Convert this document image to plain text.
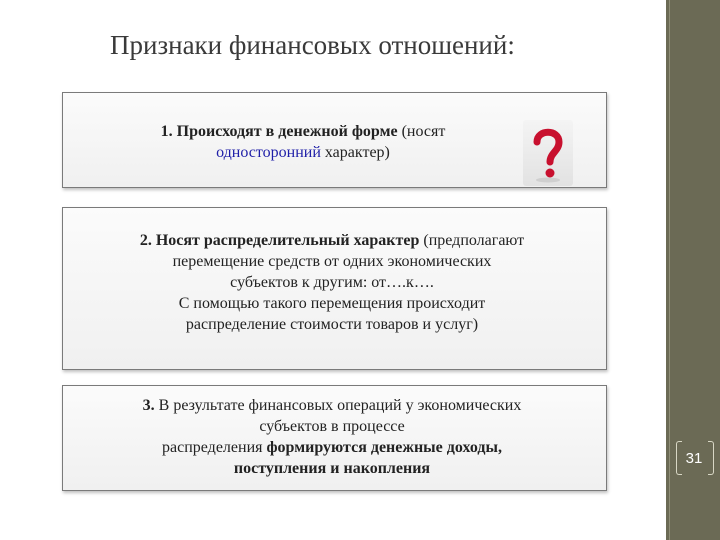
Признаки финансовых отношений:
1. Происходят в денежной форме (носят
односторонний характер)
2. Носят распределительный характер (предполагают
перемещение средств от одних экономических
субъектов к другим: от….к….
С помощью такого перемещения происходит
распределение стоимости товаров и услуг)
3. В результате финансовых операций у экономических
субъектов в процессе
распределения формируются денежные доходы,
поступления и накопления
31
